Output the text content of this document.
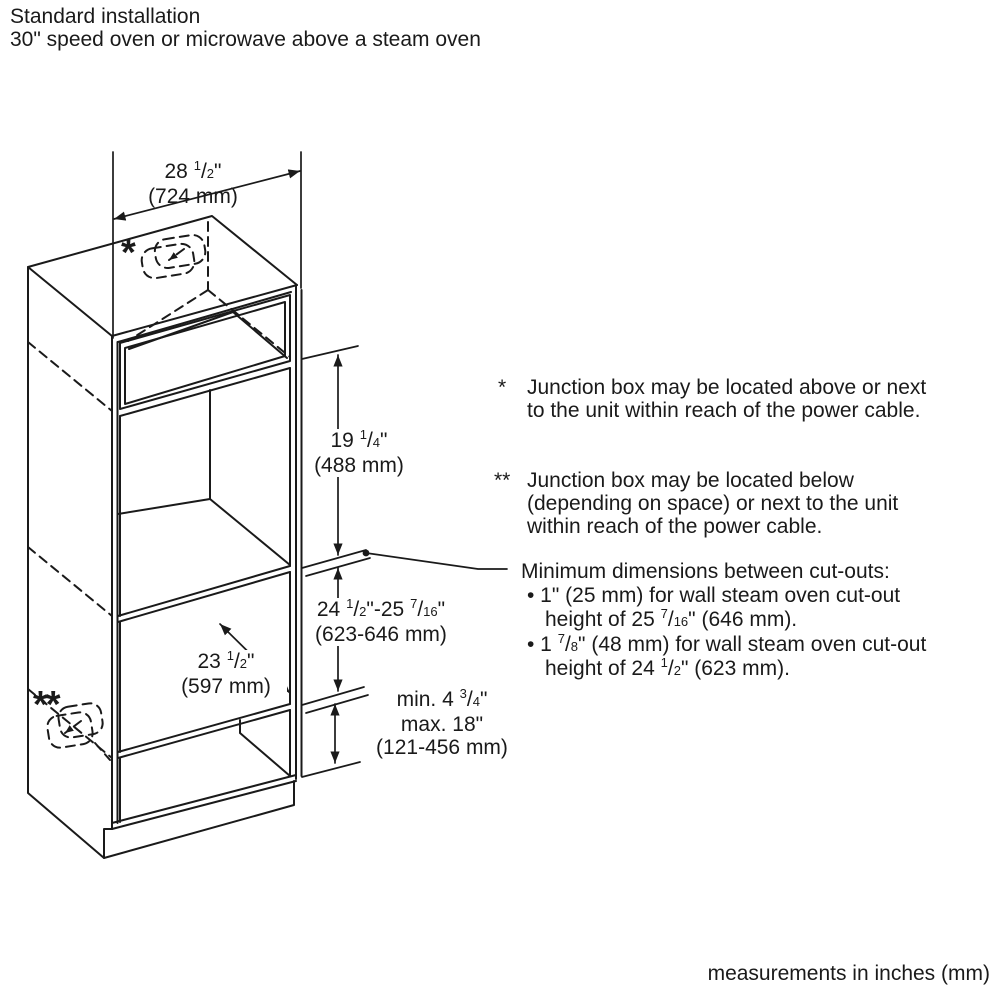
Standard installation
30" speed oven or microwave above a steam oven
*
**
28 $^1$/2"
(724 mm)
19 $^1$/4"
(488 mm)
24 $^1$/2"-25 $^7$/16"
(623-646 mm)
23 $^1$/2"
(597 mm)
min. 4 $^3$/4"
max. 18"
(121-456 mm)
* Junction box may be located above or next
to the unit within reach of the power cable.
** Junction box may be located below
(depending on space) or next to the unit
within reach of the power cable.
Minimum dimensions between cut-outs:
• 1" (25 mm) for wall steam oven cut-out
height of 25 $^7$/16" (646 mm).
• 1 $^7$/8" (48 mm) for wall steam oven cut-out
height of 24 $^1$/2" (623 mm).
measurements in inches (mm)
